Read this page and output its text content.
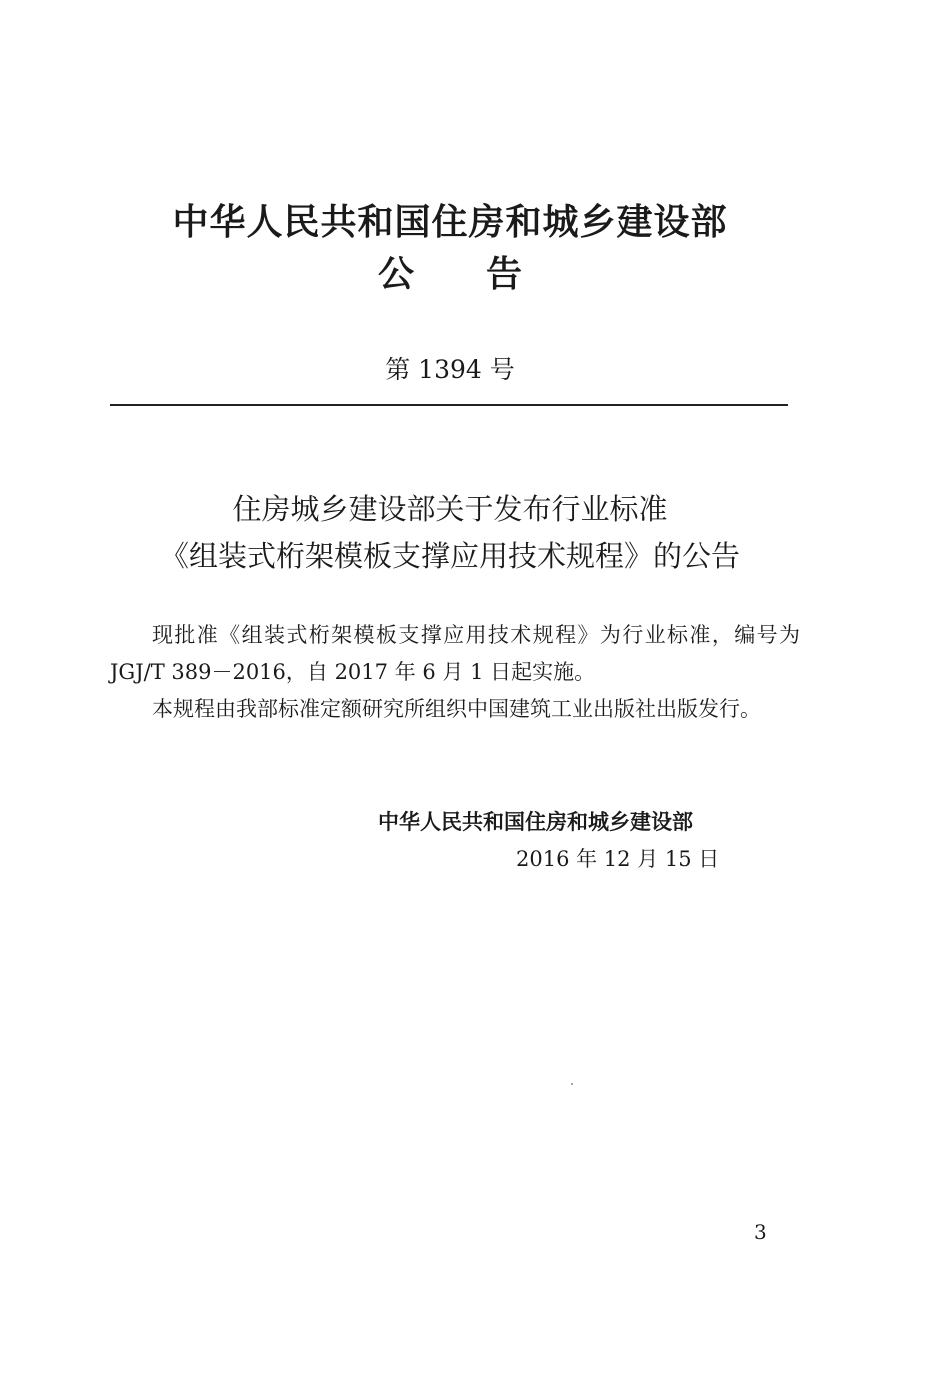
中华人民共和国住房和城乡建设部
公告
第 1394 号
住房城乡建设部关于发布行业标准
《组装式桁架模板支撑应用技术规程》的公告

现批准《组装式桁架模板支撑应用技术规程》为行业标准，编号为 JGJ/T 389－2016，自 2017 年 6 月 1 日起实施。

本规程由我部标准定额研究所组织中国建筑工业出版社出版发行。

中华人民共和国住房和城乡建设部
2016 年 12 月 15 日
3
